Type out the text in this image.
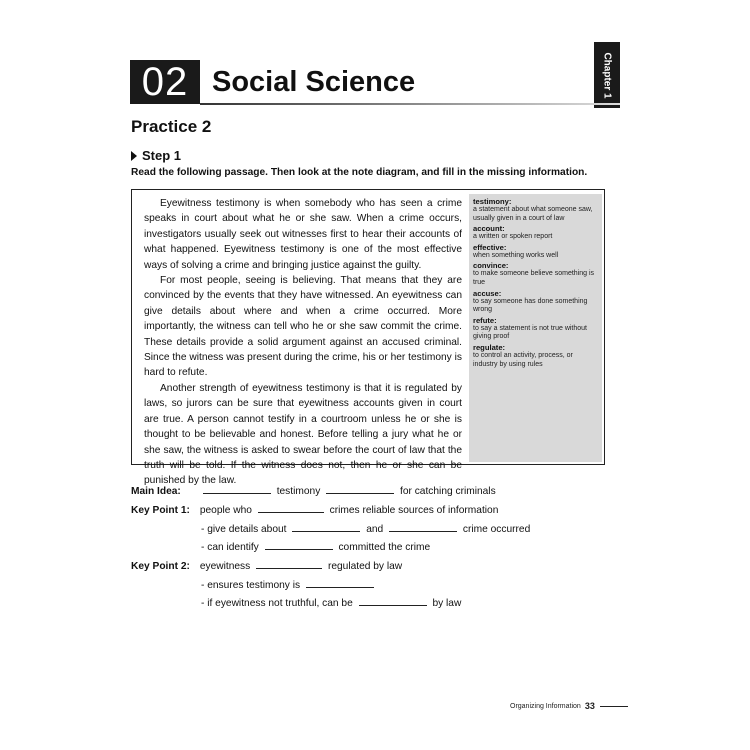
Chapter 1
02 Social Science
Practice 2
Step 1
Read the following passage. Then look at the note diagram, and fill in the missing information.

Eyewitness testimony is when somebody who has seen a crime speaks in court about what he or she saw. When a crime occurs, investigators usually seek out witnesses first to hear their accounts of what happened. Eyewitness testimony is one of the most effective ways of solving a crime and bringing justice against the guilty.

For most people, seeing is believing. That means that they are convinced by the events that they have witnessed. An eyewitness can give details about where and when a crime occurred. More importantly, the witness can tell who he or she saw commit the crime. These details provide a solid argument against an accused criminal. Since the witness was present during the crime, his or her testimony is hard to refute.

Another strength of eyewitness testimony is that it is regulated by laws, so jurors can be sure that eyewitness accounts given in court are true. A person cannot testify in a courtroom unless he or she is thought to be believable and honest. Before telling a jury what he or she saw, the witness is asked to swear before the court of law that the truth will be told. If the witness does not, then he or she can be punished by the law.

testimony:
a statement about what someone saw, usually given in a court of law
account:
a written or spoken report
effective:
when something works well
convince:
to make someone believe something is true
accuse:
to say someone has done something wrong
refute:
to say a statement is not true without giving proof
regulate:
to control an activity, process, or industry by using rules
Main Idea:	testimony	for catching criminals
Key Point 1: people who	crimes reliable sources of information
- give details about	and	crime occurred
- can identify	committed the crime
Key Point 2: eyewitness	regulated by law
- ensures testimony is
- if eyewitness not truthful, can be	by law
Organizing Information 33
